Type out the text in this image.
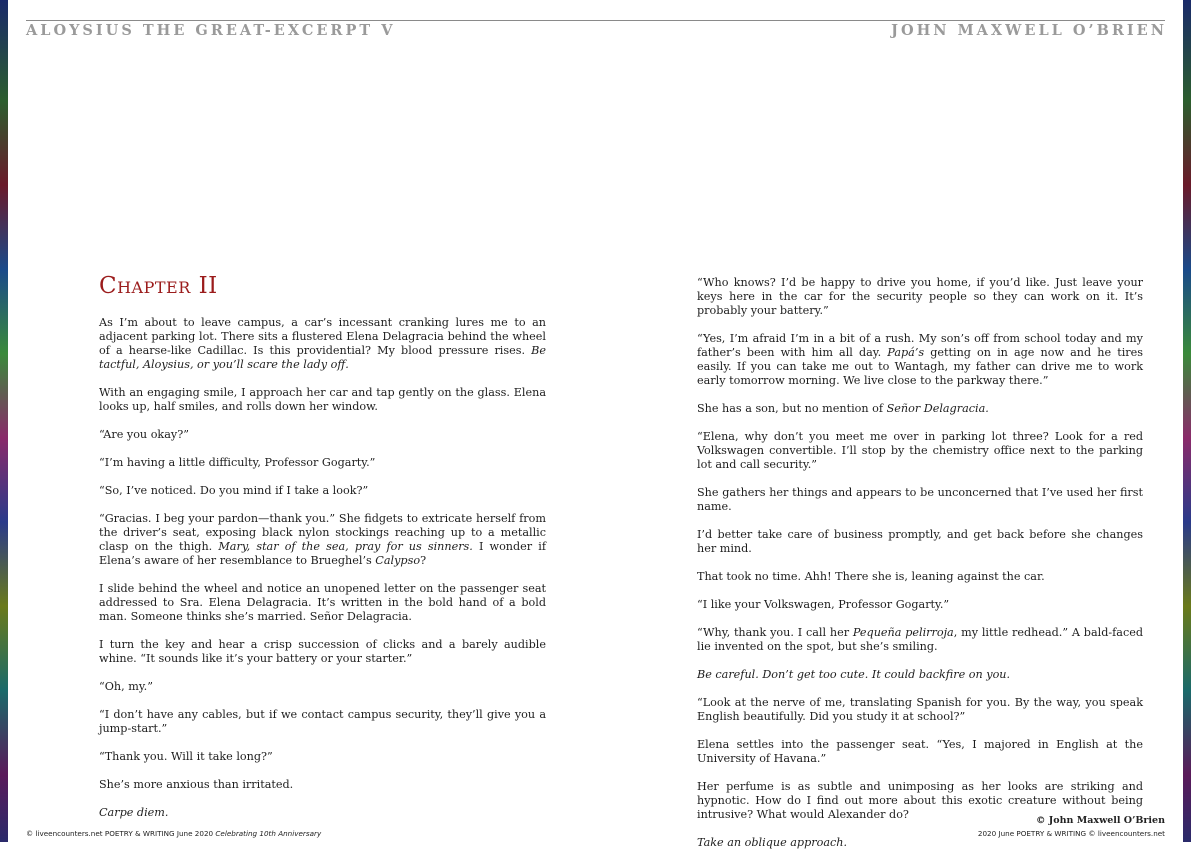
ALOYSIUS THE GREAT-EXCERPT V	JOHN MAXWELL O’BRIEN
Chapter II

As I’m about to leave campus, a car’s incessant cranking lures me to an adjacent parking lot. There sits a flustered Elena Delagracia behind the wheel of a hearse-like Cadillac. Is this providential? My blood pressure rises. Be tactful, Aloysius, or you’ll scare the lady off.

With an engaging smile, I approach her car and tap gently on the glass. Elena looks up, half smiles, and rolls down her window.

“Are you okay?”

“I’m having a little difficulty, Professor Gogarty.”

“So, I’ve noticed. Do you mind if I take a look?”

“Gracias. I beg your pardon—thank you.” She fidgets to extricate herself from the driver’s seat, exposing black nylon stockings reaching up to a metallic clasp on the thigh. Mary, star of the sea, pray for us sinners. I wonder if Elena’s aware of her resemblance to Brueghel’s Calypso?

I slide behind the wheel and notice an unopened letter on the passenger seat addressed to Sra. Elena Delagracia. It’s written in the bold hand of a bold man. Someone thinks she’s married. Señor Delagracia.

I turn the key and hear a crisp succession of clicks and a barely audible whine. “It sounds like it’s your battery or your starter.”

“Oh, my.”

“I don’t have any cables, but if we contact campus security, they’ll give you a jump-start.”

“Thank you. Will it take long?”

She’s more anxious than irritated.

Carpe diem.

“Who knows? I’d be happy to drive you home, if you’d like. Just leave your keys here in the car for the security people so they can work on it. It’s probably your battery.”

“Yes, I’m afraid I’m in a bit of a rush. My son’s off from school today and my father’s been with him all day. Papá’s getting on in age now and he tires easily. If you can take me out to Wantagh, my father can drive me to work early tomorrow morning. We live close to the parkway there.”

She has a son, but no mention of Señor Delagracia.

“Elena, why don’t you meet me over in parking lot three? Look for a red Volkswagen convertible. I’ll stop by the chemistry office next to the parking lot and call security.”

She gathers her things and appears to be unconcerned that I’ve used her first name.

I’d better take care of business promptly, and get back before she changes her mind.

That took no time. Ahh! There she is, leaning against the car.

“I like your Volkswagen, Professor Gogarty.”

“Why, thank you. I call her Pequeña pelirroja, my little redhead.” A bald-faced lie invented on the spot, but she’s smiling.

Be careful. Don’t get too cute. It could backfire on you.

“Look at the nerve of me, translating Spanish for you. By the way, you speak English beautifully. Did you study it at school?”

Elena settles into the passenger seat. “Yes, I majored in English at the University of Havana.”

Her perfume is as subtle and unimposing as her looks are striking and hypnotic. How do I find out more about this exotic creature without being intrusive? What would Alexander do?

Take an oblique approach.

© liveencounters.net POETRY & WRITING June 2020 Celebrating 10th Anniversary
© John Maxwell O’Brien
2020 June POETRY & WRITING © liveencounters.net
